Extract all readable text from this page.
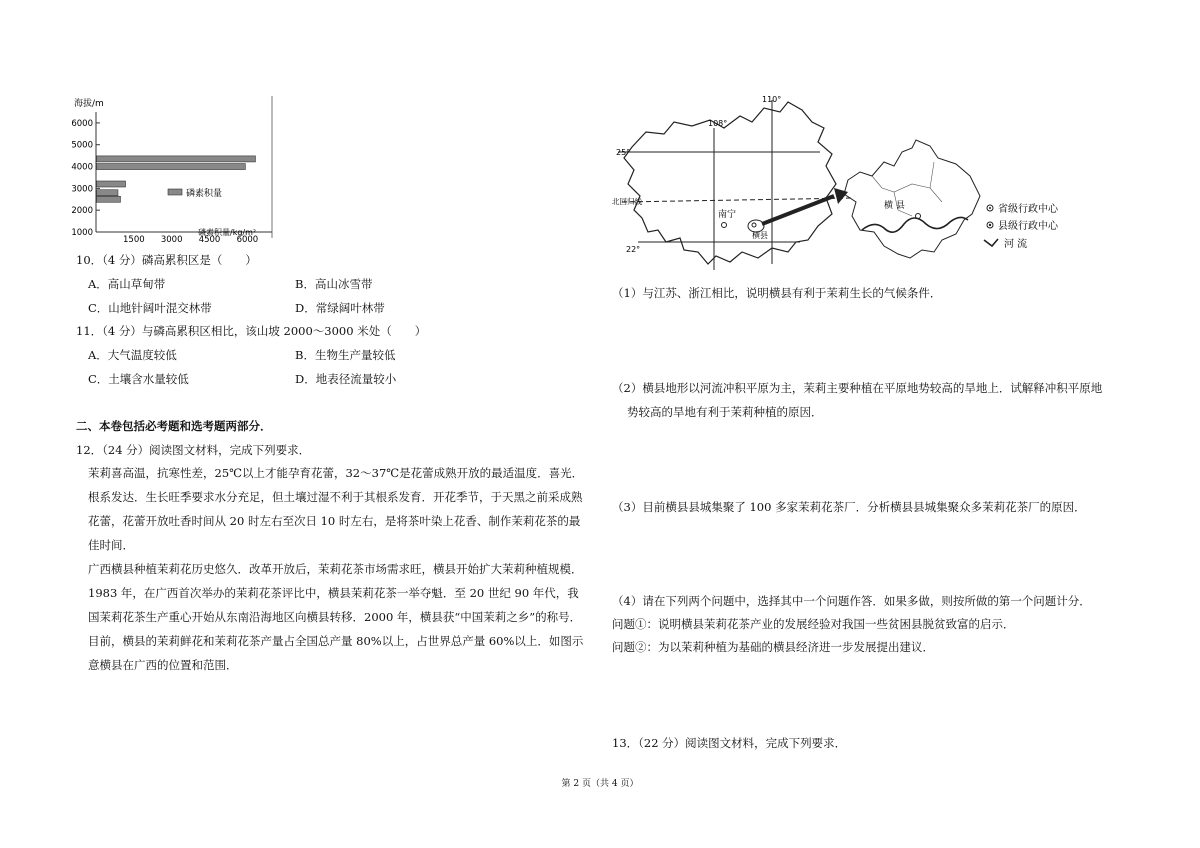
海拔/m
6000
5000
4000
3000
2000
1000
1500 3000 4500 6000
磷素积量
磷素积量/kg/m²
10．（4 分）磷高累积区是（　　）
A．高山草甸带	B．高山冰雪带
C．山地针阔叶混交林带	D．常绿阔叶林带
11．（4 分）与磷高累积区相比，该山坡 2000～3000 米处（　　）
A．大气温度较低	B．生物生产量较低
C．土壤含水量较低	D．地表径流量较小
二、本卷包括必考题和选考题两部分．
12．（24 分）阅读图文材料，完成下列要求．

茉莉喜高温，抗寒性差，25℃以上才能孕育花蕾，32～37℃是花蕾成熟开放的最适温度．喜光．根系发达．生长旺季要求水分充足，但土壤过湿不利于其根系发育．开花季节，于天黑之前采成熟花蕾，花蕾开放吐香时间从 20 时左右至次日 10 时左右，是将茶叶染上花香、制作茉莉花茶的最佳时间．

广西横县种植茉莉花历史悠久．改革开放后，茉莉花茶市场需求旺，横县开始扩大茉莉种植规模．1983 年，在广西首次举办的茉莉花茶评比中，横县茉莉花茶一举夺魁．至 20 世纪 90 年代，我国茉莉花茶生产重心开始从东南沿海地区向横县转移．2000 年，横县获“中国茉莉之乡”的称号．目前，横县的茉莉鲜花和茉莉花茶产量占全国总产量 80%以上，占世界总产量 60%以上．如图示意横县在广西的位置和范围．

110°
108°
25°
22°
北回归线
南宁
横县
横 县	省级行政中心
县级行政中心
河 流
（1）与江苏、浙江相比，说明横县有利于茉莉生长的气候条件．
（2）横县地形以河流冲积平原为主，茉莉主要种植在平原地势较高的旱地上．试解释冲积平原地
势较高的旱地有利于茉莉种植的原因．
（3）目前横县县城集聚了 100 多家茉莉花茶厂．分析横县县城集聚众多茉莉花茶厂的原因．
（4）请在下列两个问题中，选择其中一个问题作答．如果多做，则按所做的第一个问题计分．
问题①：说明横县茉莉花茶产业的发展经验对我国一些贫困县脱贫致富的启示．
问题②：为以茉莉种植为基础的横县经济进一步发展提出建议．
13．（22 分）阅读图文材料，完成下列要求．
第 2 页（共 4 页）
